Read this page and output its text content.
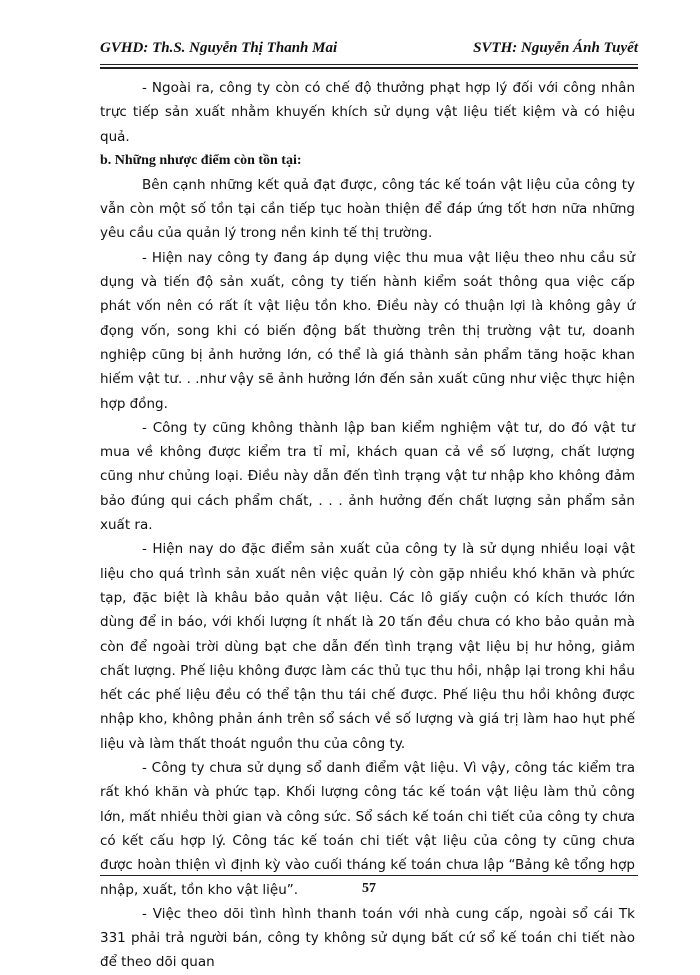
GVHD: Th.S. Nguyễn Thị Thanh Mai	SVTH: Nguyễn Ánh Tuyết

- Ngoài ra, công ty còn có chế độ thưởng phạt hợp lý đối với công nhân trực tiếp sản xuất nhằm khuyến khích sử dụng vật liệu tiết kiệm và có hiệu quả.

b. Những nhược điểm còn tồn tại:

Bên cạnh những kết quả đạt được, công tác kế toán vật liệu của công ty vẫn còn một số tồn tại cần tiếp tục hoàn thiện để đáp ứng tốt hơn nữa những yêu cầu của quản lý trong nền kinh tế thị trường.

- Hiện nay công ty đang áp dụng việc thu mua vật liệu theo nhu cầu sử dụng và tiến độ sản xuất, công ty tiến hành kiểm soát thông qua việc cấp phát vốn nên có rất ít vật liệu tồn kho. Điều này có thuận lợi là không gây ứ đọng vốn, song khi có biến động bất thường trên thị trường vật tư, doanh nghiệp cũng bị ảnh hưởng lớn, có thể là giá thành sản phẩm tăng hoặc khan hiếm vật tư. . .như vậy sẽ ảnh hưởng lớn đến sản xuất cũng như việc thực hiện hợp đồng.

- Công ty cũng không thành lập ban kiểm nghiệm vật tư, do đó vật tư mua về không được kiểm tra tỉ mỉ, khách quan cả về số lượng, chất lượng cũng như chủng loại. Điều này dẫn đến tình trạng vật tư nhập kho không đảm bảo đúng qui cách phẩm chất, . . . ảnh hưởng đến chất lượng sản phẩm sản xuất ra.

- Hiện nay do đặc điểm sản xuất của công ty là sử dụng nhiều loại vật liệu cho quá trình sản xuất nên việc quản lý còn gặp nhiều khó khăn và phức tạp, đặc biệt là khâu bảo quản vật liệu. Các lô giấy cuộn có kích thước lớn dùng để in báo, với khối lượng ít nhất là 20 tấn đều chưa có kho bảo quản mà còn để ngoài trời dùng bạt che dẫn đến tình trạng vật liệu bị hư hỏng, giảm chất lượng. Phế liệu không được làm các thủ tục thu hồi, nhập lại trong khi hầu hết các phế liệu đều có thể tận thu tái chế được. Phế liệu thu hồi không được nhập kho, không phản ánh trên sổ sách về số lượng và giá trị làm hao hụt phế liệu và làm thất thoát nguồn thu của công ty.

- Công ty chưa sử dụng sổ danh điểm vật liệu. Vì vậy, công tác kiểm tra rất khó khăn và phức tạp. Khối lượng công tác kế toán vật liệu làm thủ công lớn, mất nhiều thời gian và công sức. Sổ sách kế toán chi tiết của công ty chưa có kết cấu hợp lý. Công tác kế toán chi tiết vật liệu của công ty cũng chưa được hoàn thiện vì định kỳ vào cuối tháng kế toán chưa lập “Bảng kê tổng hợp nhập, xuất, tồn kho vật liệu”.

- Việc theo dõi tình hình thanh toán với nhà cung cấp, ngoài sổ cái Tk 331 phải trả người bán, công ty không sử dụng bất cứ sổ kế toán chi tiết nào để theo dõi quan

57
